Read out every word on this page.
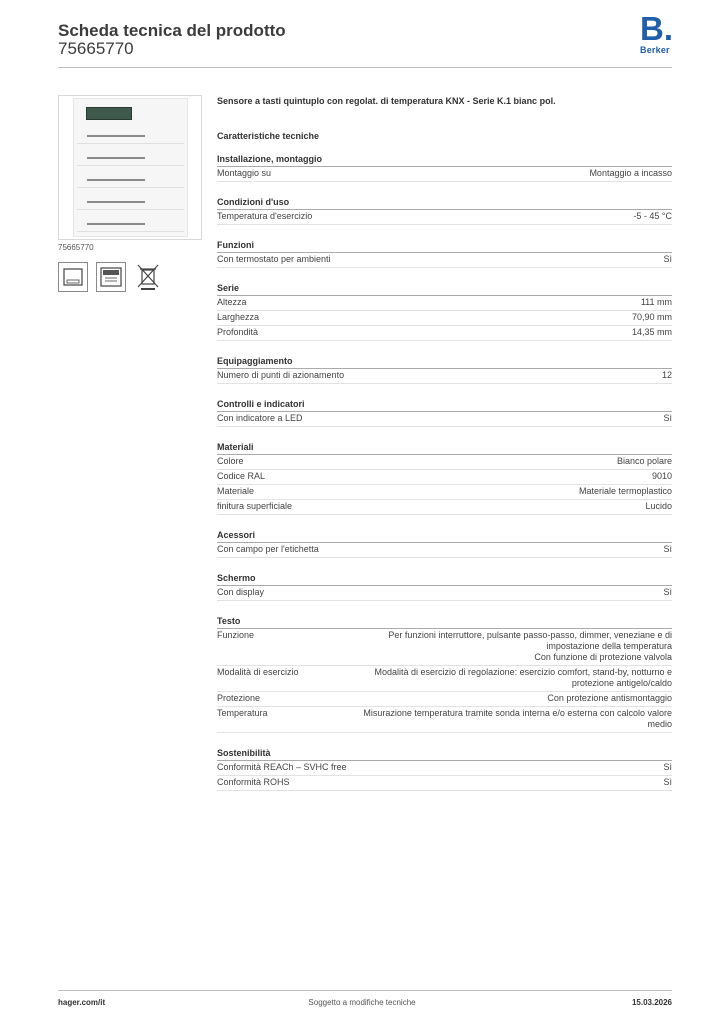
Scheda tecnica del prodotto
75665770
B.
Berker
75665770
Sensore a tasti quintuplo con regolat. di temperatura KNX - Serie K.1 bianc pol.
Caratteristiche tecniche
Installazione, montaggio
Montaggio su	Montaggio a incasso
Condizioni d'uso
Temperatura d'esercizio	-5 - 45 °C
Funzioni
Con termostato per ambienti	Sì
Serie
Altezza	111 mm
Larghezza	70,90 mm
Profondità	14,35 mm
Equipaggiamento
Numero di punti di azionamento	12
Controlli e indicatori
Con indicatore a LED	Sì
Materiali
Colore	Bianco polare
Codice RAL	9010
Materiale	Materiale termoplastico
finitura superficiale	Lucido
Acessori
Con campo per l'etichetta	Sì
Schermo
Con display	Sì
Testo
Funzione	Per funzioni interruttore, pulsante passo-passo, dimmer, veneziane e di impostazione della temperatura
Con funzione di protezione valvola
Modalità di esercizio	Modalità di esercizio di regolazione: esercizio comfort, stand-by, notturno e protezione antigelo/caldo
Protezione	Con protezione antismontaggio
Temperatura	Misurazione temperatura tramite sonda interna e/o esterna con calcolo valore medio
Sostenibilità
Conformità REACh – SVHC free	Sì
Conformità ROHS	Sì
hager.com/it	Soggetto a modifiche tecniche	15.03.2026
